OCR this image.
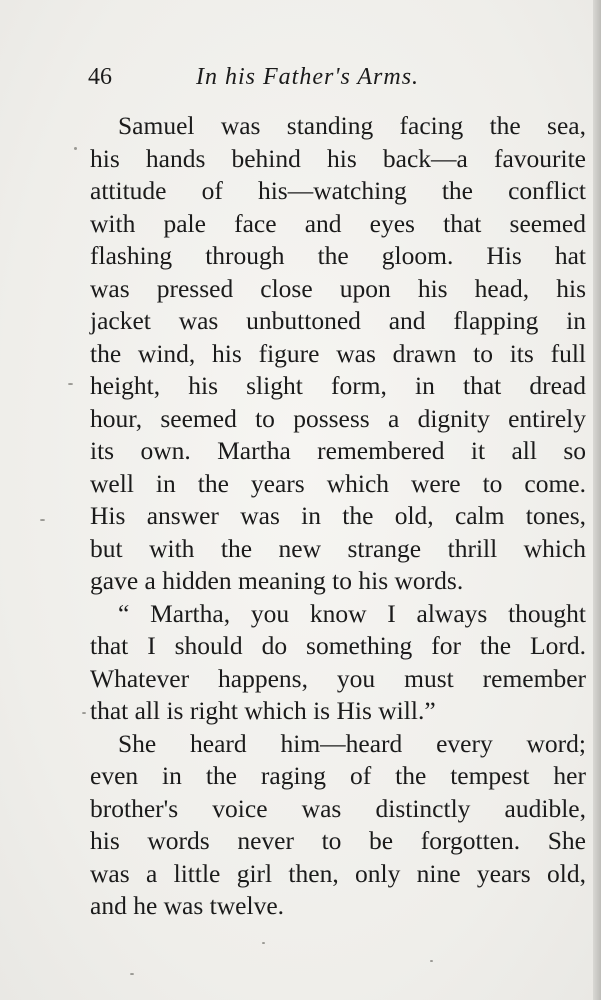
46	In his Father's Arms.
Samuel was standing facing the sea,
his hands behind his back—a favourite
attitude of his—watching the conflict
with pale face and eyes that seemed
flashing through the gloom. His hat
was pressed close upon his head, his
jacket was unbuttoned and flapping in
the wind, his figure was drawn to its full
height, his slight form, in that dread
hour, seemed to possess a dignity entirely
its own. Martha remembered it all so
well in the years which were to come.
His answer was in the old, calm tones,
but with the new strange thrill which
gave a hidden meaning to his words.
“ Martha, you know I always thought
that I should do something for the Lord.
Whatever happens, you must remember
that all is right which is His will.”
She heard him—heard every word;
even in the raging of the tempest her
brother's voice was distinctly audible,
his words never to be forgotten. She
was a little girl then, only nine years old,
and he was twelve.
